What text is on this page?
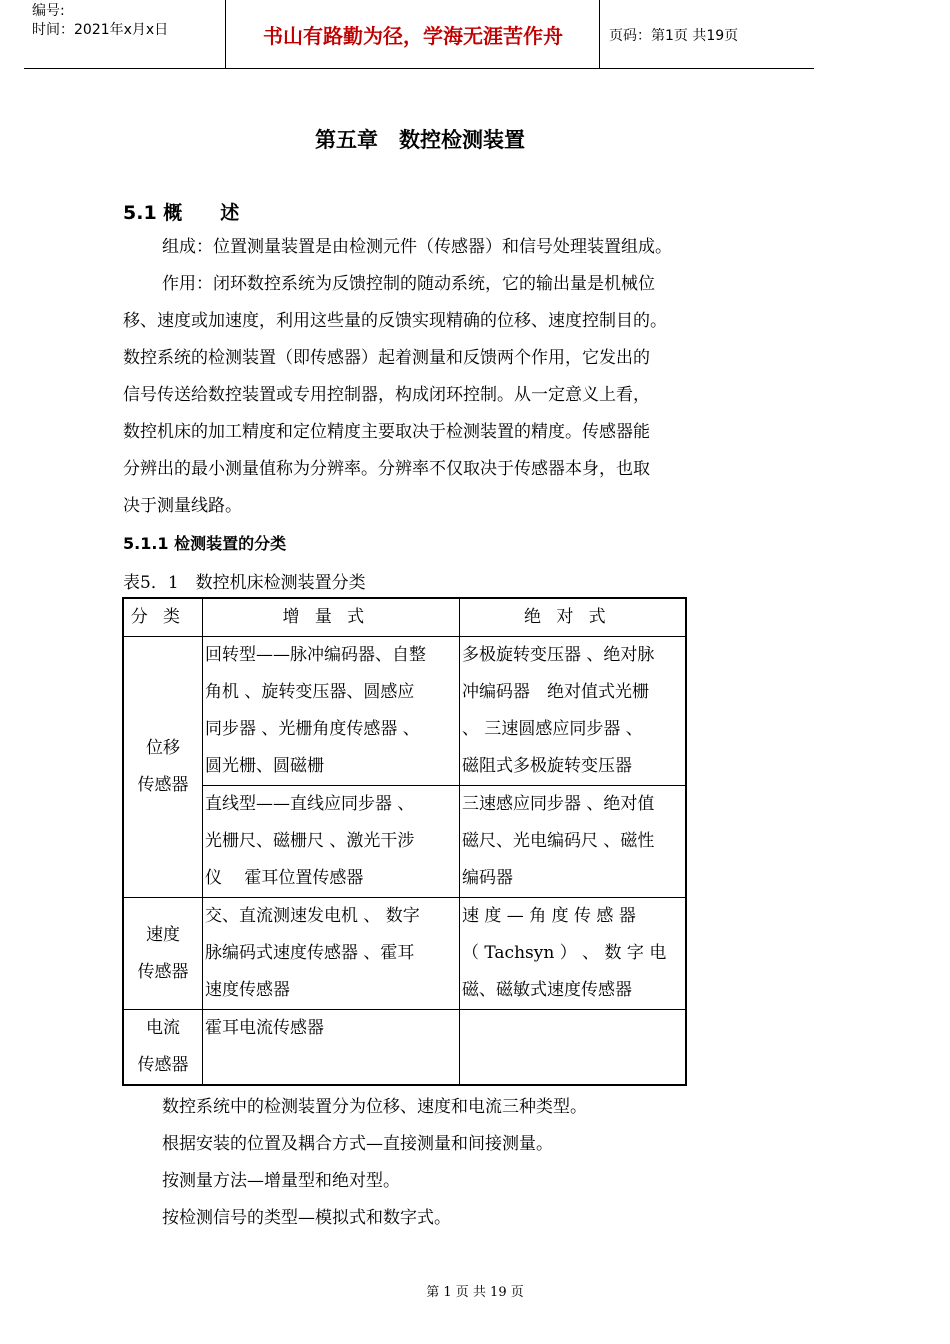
编号:
时间：2021年x月x日	书山有路勤为径，学海无涯苦作舟	页码：第1页 共19页
第五章　数控检测装置
5.1 概　　述
组成：位置测量装置是由检测元件（传感器）和信号处理装置组成。
作用：闭环数控系统为反馈控制的随动系统，它的输出量是机械位
移、速度或加速度，利用这些量的反馈实现精确的位移、速度控制目的。
数控系统的检测装置（即传感器）起着测量和反馈两个作用，它发出的
信号传送给数控装置或专用控制器，构成闭环控制。从一定意义上看，
数控机床的加工精度和定位精度主要取决于检测装置的精度。传感器能
分辨出的最小测量值称为分辨率。分辨率不仅取决于传感器本身，也取
决于测量线路。
5.1.1 检测装置的分类
表5．1　数控机床检测装置分类
分类	增量式	绝对式

位移
传感器	回转型——脉冲编码器、自整
角机 、旋转变压器、圆感应
同步器 、光栅角度传感器 、
圆光栅、圆磁栅	多极旋转变压器 、绝对脉
冲编码器　绝对值式光栅
、 三速圆感应同步器 、
磁阻式多极旋转变压器

	直线型——直线应同步器 、
光栅尺、磁栅尺 、激光干涉
仪　 霍耳位置传感器	三速感应同步器 、绝对值
磁尺、光电编码尺 、磁性
编码器

速度
传感器	交、直流测速发电机 、 数字
脉编码式速度传感器 、霍耳
速度传感器	速 度 — 角 度 传 感 器
（ Tachsyn ） 、 数 字 电
磁、磁敏式速度传感器

电流
传感器	霍耳电流传感器	

数控系统中的检测装置分为位移、速度和电流三种类型。
根据安装的位置及耦合方式—直接测量和间接测量。
按测量方法—增量型和绝对型。
按检测信号的类型—模拟式和数字式。
第 1 页 共 19 页
